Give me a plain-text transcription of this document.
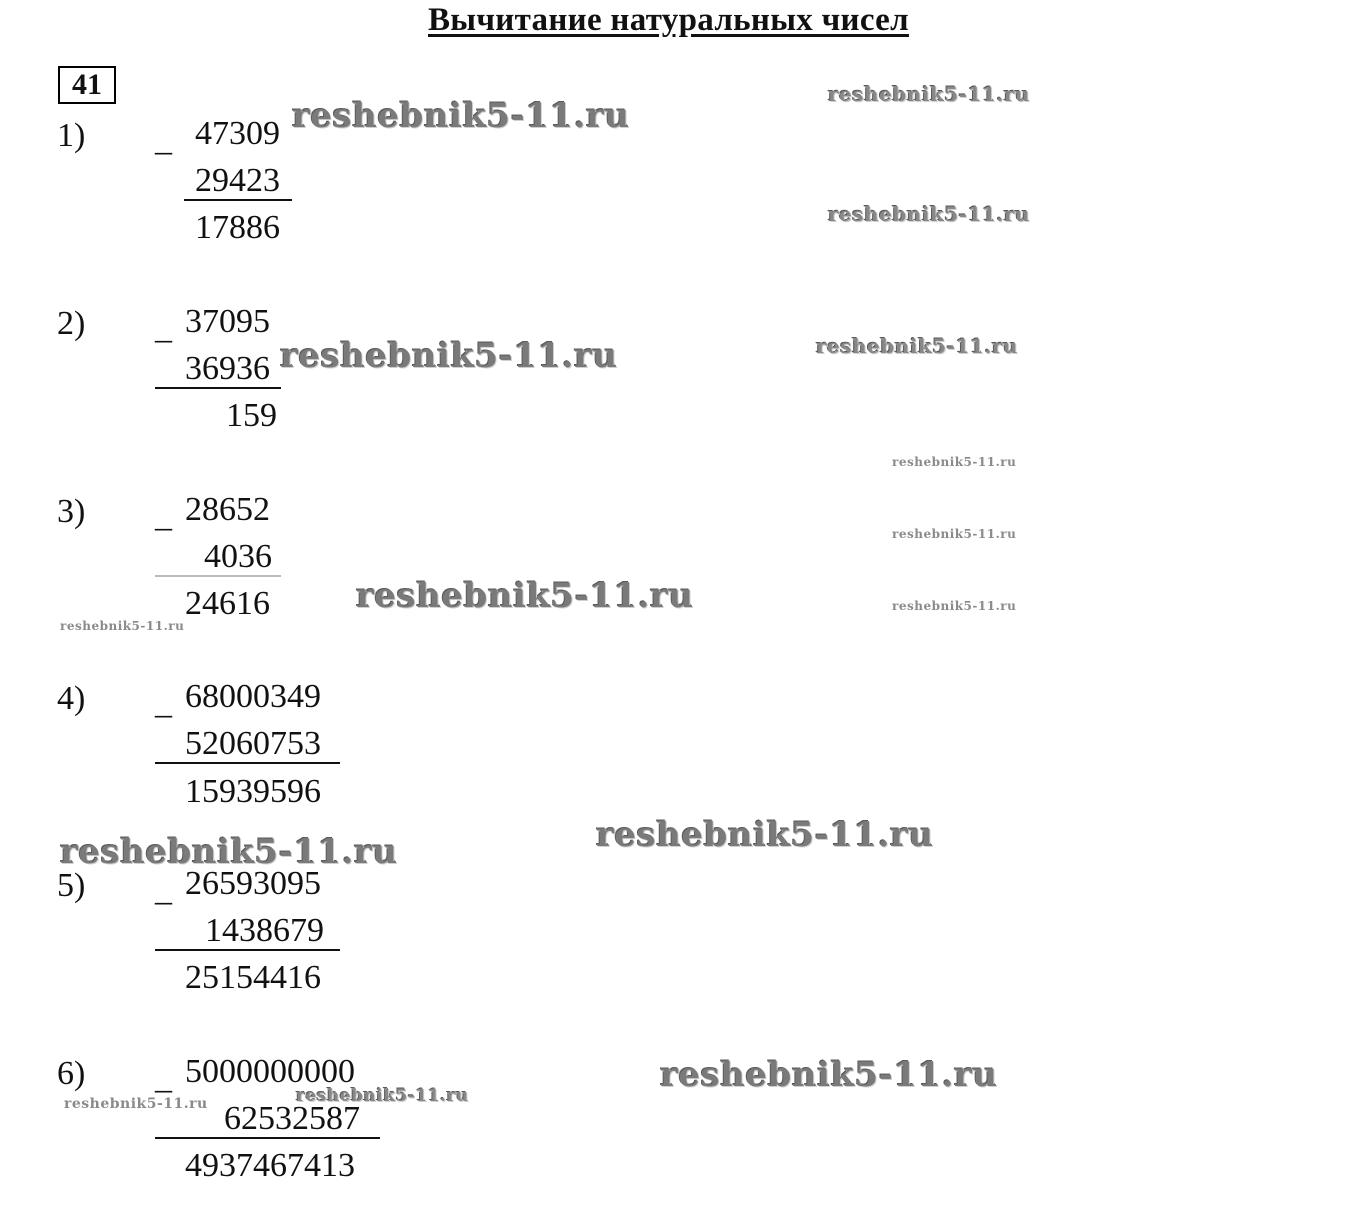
Вычитание натуральных чисел
41
1) _ 47309
29423
17886
2) _ 37095
36936
159
3) _ 28652
4036
24616
4) _ 68000349
52060753
15939596
5) _ 26593095
1438679
25154416
6) _ 5000000000
62532587
4937467413
reshebnik5-11.ru
reshebnik5-11.ru
reshebnik5-11.ru
reshebnik5-11.ru	reshebnik5-11.ru
reshebnik5-11.ru
reshebnik5-11.ru
reshebnik5-11.ru	reshebnik5-11.ru
reshebnik5-11.ru
reshebnik5-11.ru
reshebnik5-11.ru
reshebnik5-11.ru
reshebnik5-11.ru
reshebnik5-11.ru
